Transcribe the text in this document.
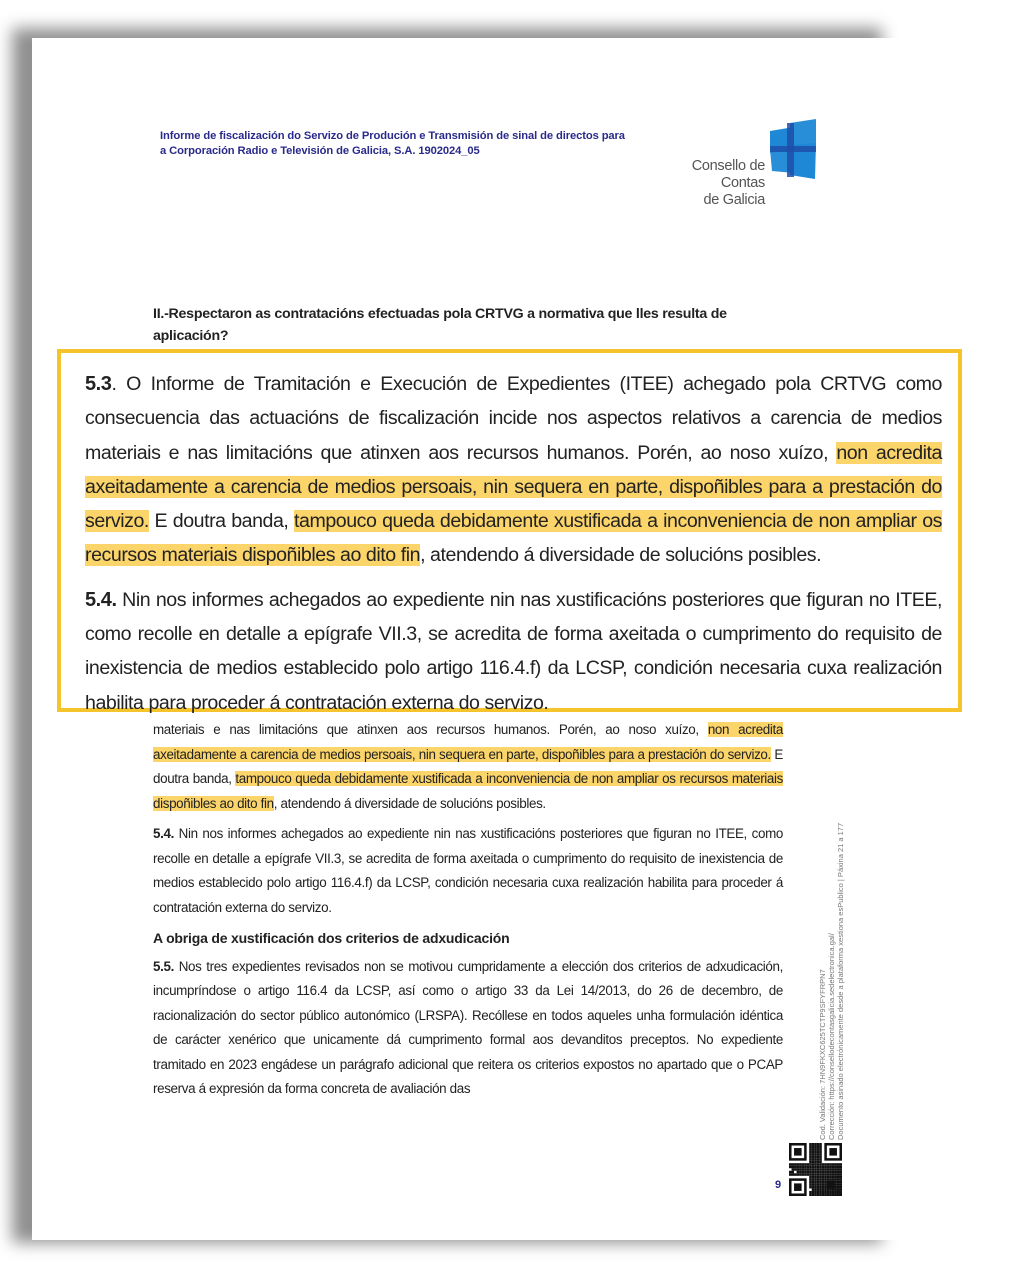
Informe de fiscalización do Servizo de Produción e Transmisión de sinal de directos para
a Corporación Radio e Televisión de Galicia, S.A. 1902024_05
Consello de Contas
de Galicia
II.-Respectaron as contratacións efectuadas pola CRTVG a normativa que lles resulta de aplicación?

materiais e nas limitacións que atinxen aos recursos humanos. Porén, ao noso xuízo, non acredita axeitadamente a carencia de medios persoais, nin sequera en parte, dispoñibles para a prestación do servizo. E doutra banda, tampouco queda debidamente xustificada a inconveniencia de non ampliar os recursos materiais dispoñibles ao dito fin, atendendo á diversidade de solucións posibles.

5.4. Nin nos informes achegados ao expediente nin nas xustificacións posteriores que figuran no ITEE, como recolle en detalle a epígrafe VII.3, se acredita de forma axeitada o cumprimento do requisito de inexistencia de medios establecido polo artigo 116.4.f) da LCSP, condición necesaria cuxa realización habilita para proceder á contratación externa do servizo.

A obriga de xustificación dos criterios de adxudicación

5.5. Nos tres expedientes revisados non se motivou cumpridamente a elección dos criterios de adxudicación, incumpríndose o artigo 116.4 da LCSP, así como o artigo 33 da Lei 14/2013, do 26 de decembro, de racionalización do sector público autonómico (LRSPA). Recóllese en todos aqueles unha formulación idéntica de carácter xenérico que unicamente dá cumprimento formal aos devanditos preceptos. No expediente tramitado en 2023 engádese un parágrafo adicional que reitera os criterios expostos no apartado que o PCAP reserva á expresión da forma concreta de avaliación das

5.3. O Informe de Tramitación e Execución de Expedientes (ITEE) achegado pola CRTVG como consecuencia das actuacións de fiscalización incide nos aspectos relativos a carencia de medios materiais e nas limitacións que atinxen aos recursos humanos. Porén, ao noso xuízo, non acredita axeitadamente a carencia de medios persoais, nin sequera en parte, dispoñibles para a prestación do servizo. E doutra banda, tampouco queda debidamente xustificada a inconveniencia de non ampliar os recursos materiais dispoñibles ao dito fin, atendendo á diversidade de solucións posibles.

5.4. Nin nos informes achegados ao expediente nin nas xustificacións posteriores que figuran no ITEE, como recolle en detalle a epígrafe VII.3, se acredita de forma axeitada o cumprimento do requisito de inexistencia de medios establecido polo artigo 116.4.f) da LCSP, condición necesaria cuxa realización habilita para proceder á contratación externa do servizo.

Cod. Validación: 7HN9FKXC625TCTP9SFYFRPN7 Corrección: https://consellodecontasgalicia.sedelectronica.gal/ Documento asinado electrónicamente desde a plataforma xestiona esPublico | Páxina 21 a 177
9
